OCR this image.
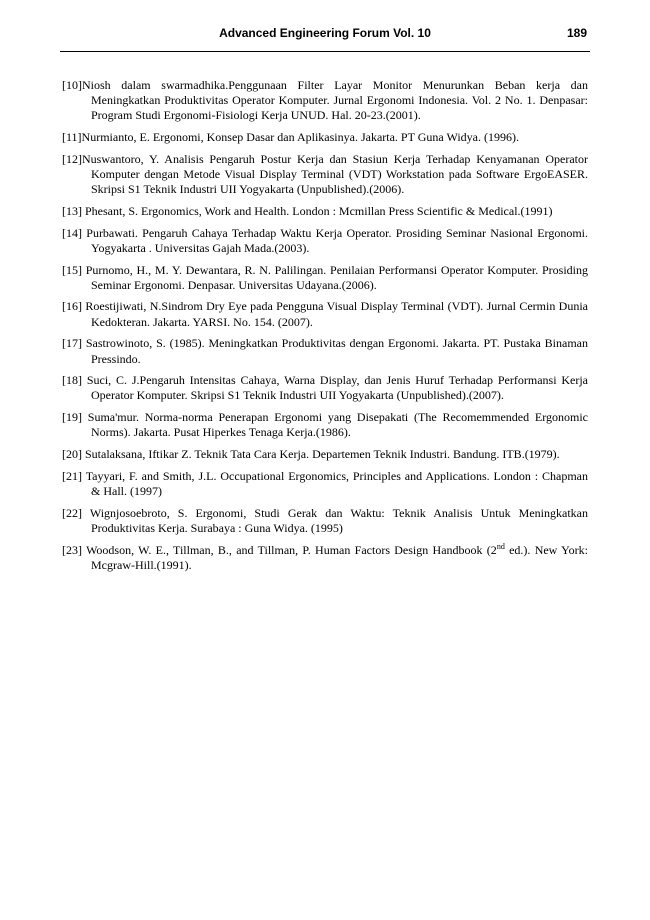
Advanced Engineering Forum Vol. 10	189
[10]Niosh dalam swarmadhika.Penggunaan Filter Layar Monitor Menurunkan Beban kerja dan Meningkatkan Produktivitas Operator Komputer. Jurnal Ergonomi Indonesia. Vol. 2 No. 1. Denpasar: Program Studi Ergonomi-Fisiologi Kerja UNUD. Hal. 20-23.(2001).
[11]Nurmianto, E. Ergonomi, Konsep Dasar dan Aplikasinya. Jakarta. PT Guna Widya. (1996).
[12]Nuswantoro, Y. Analisis Pengaruh Postur Kerja dan Stasiun Kerja Terhadap Kenyamanan Operator Komputer dengan Metode Visual Display Terminal (VDT) Workstation pada Software ErgoEASER. Skripsi S1 Teknik Industri UII Yogyakarta (Unpublished).(2006).
[13] Phesant, S. Ergonomics, Work and Health. London : Mcmillan Press Scientific & Medical.(1991)
[14] Purbawati. Pengaruh Cahaya Terhadap Waktu Kerja Operator. Prosiding Seminar Nasional Ergonomi. Yogyakarta . Universitas Gajah Mada.(2003).
[15] Purnomo, H., M. Y. Dewantara, R. N. Palilingan. Penilaian Performansi Operator Komputer. Prosiding Seminar Ergonomi. Denpasar. Universitas Udayana.(2006).
[16] Roestijiwati, N.Sindrom Dry Eye pada Pengguna Visual Display Terminal (VDT). Jurnal Cermin Dunia Kedokteran. Jakarta. YARSI. No. 154. (2007).
[17] Sastrowinoto, S. (1985). Meningkatkan Produktivitas dengan Ergonomi. Jakarta. PT. Pustaka Binaman Pressindo.
[18] Suci, C. J.Pengaruh Intensitas Cahaya, Warna Display, dan Jenis Huruf Terhadap Performansi Kerja Operator Komputer. Skripsi S1 Teknik Industri UII Yogyakarta (Unpublished).(2007).
[19] Suma'mur. Norma-norma Penerapan Ergonomi yang Disepakati (The Recomemmended Ergonomic Norms). Jakarta. Pusat Hiperkes Tenaga Kerja.(1986).
[20] Sutalaksana, Iftikar Z. Teknik Tata Cara Kerja. Departemen Teknik Industri. Bandung. ITB.(1979).
[21] Tayyari, F. and Smith, J.L. Occupational Ergonomics, Principles and Applications. London : Chapman & Hall. (1997)
[22] Wignjosoebroto, S. Ergonomi, Studi Gerak dan Waktu: Teknik Analisis Untuk Meningkatkan Produktivitas Kerja. Surabaya : Guna Widya. (1995)
[23] Woodson, W. E., Tillman, B., and Tillman, P. Human Factors Design Handbook (2nd ed.). New York: Mcgraw-Hill.(1991).
